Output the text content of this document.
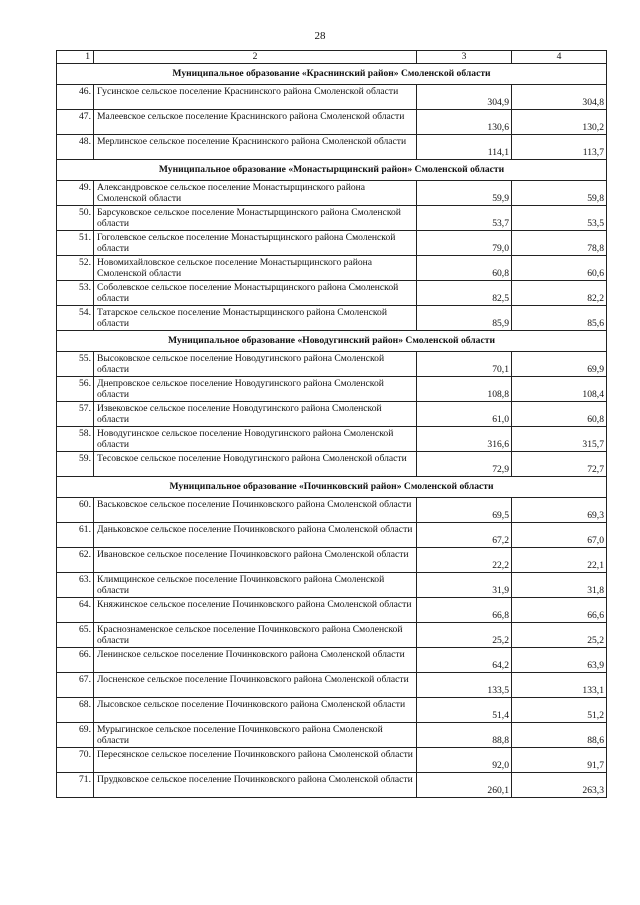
28
1	2	3	4
Муниципальное образование «Краснинский район» Смоленской области			
46.	Гусинское сельское поселение Краснинского района Смоленской области	304,9	304,8
47.	Малеевское сельское поселение Краснинского района Смоленской области	130,6	130,2
48.	Мерлинское сельское поселение Краснинского района Смоленской области	114,1	113,7
Муниципальное образование «Монастырщинский район» Смоленской области			
49.	Александровское сельское поселение Монастырщинского района Смоленской области	59,9	59,8
50.	Барсуковское сельское поселение Монастырщинского района Смоленской области	53,7	53,5
51.	Гоголевское сельское поселение Монастырщинского района Смоленской области	79,0	78,8
52.	Новомихайловское сельское поселение Монастырщинского района Смоленской области	60,8	60,6
53.	Соболевское сельское поселение Монастырщинского района Смоленской области	82,5	82,2
54.	Татарское сельское поселение Монастырщинского района Смоленской области	85,9	85,6
Муниципальное образование «Новодугинский район» Смоленской области			
55.	Высоковское сельское поселение Новодугинского района Смоленской области	70,1	69,9
56.	Днепровское сельское поселение Новодугинского района Смоленской области	108,8	108,4
57.	Извековское сельское поселение Новодугинского района Смоленской области	61,0	60,8
58.	Новодугинское сельское поселение Новодугинского района Смоленской области	316,6	315,7
59.	Тесовское сельское поселение Новодугинского района Смоленской области	72,9	72,7
Муниципальное образование «Починковский район» Смоленской области			
60.	Васьковское сельское поселение Починковского района Смоленской области	69,5	69,3
61.	Даньковское сельское поселение Починковского района Смоленской области	67,2	67,0
62.	Ивановское сельское поселение Починковского района Смоленской области	22,2	22,1
63.	Климщинское сельское поселение Починковского района Смоленской области	31,9	31,8
64.	Княжинское сельское поселение Починковского района Смоленской области	66,8	66,6
65.	Краснознаменское сельское поселение Починковского района Смоленской области	25,2	25,2
66.	Ленинское сельское поселение Починковского района Смоленской области	64,2	63,9
67.	Лосненское сельское поселение Починковского района Смоленской области	133,5	133,1
68.	Лысовское сельское поселение Починковского района Смоленской области	51,4	51,2
69.	Мурыгинское сельское поселение Починковского района Смоленской области	88,8	88,6
70.	Пересянское сельское поселение Починковского района Смоленской области	92,0	91,7
71.	Прудковское сельское поселение Починковского района Смоленской области	260,1	263,3
